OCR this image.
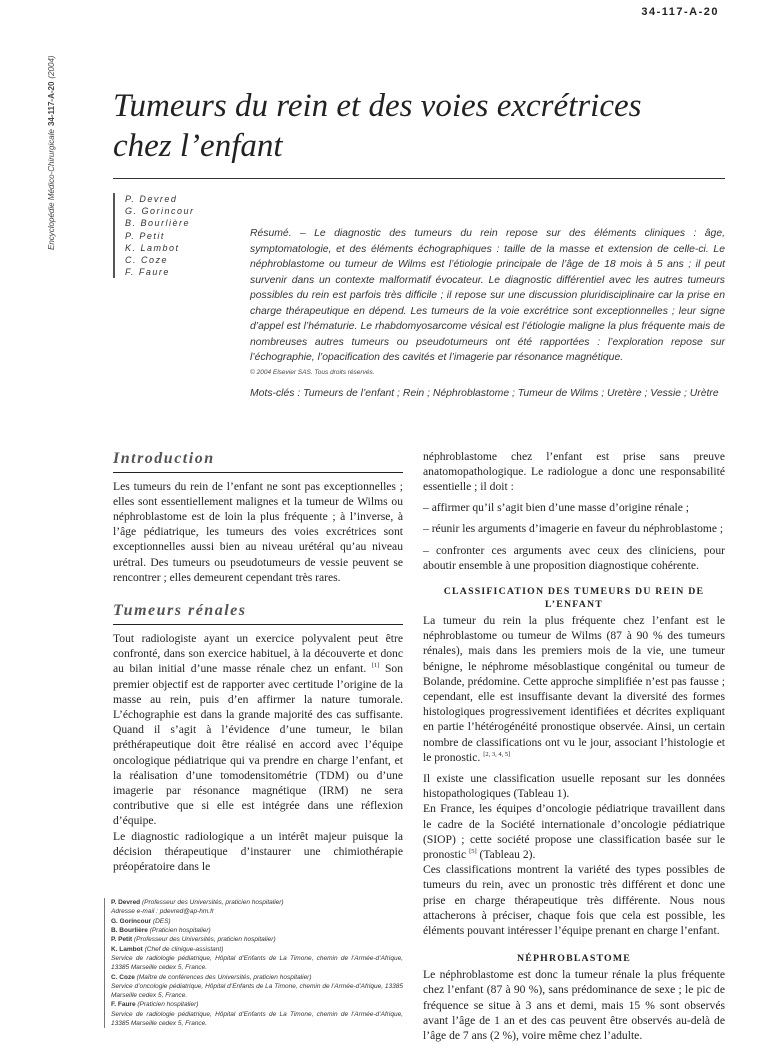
Encyclopédie Médico-Chirurgicale34-117-A-20(2004)
34-117-A-20
Tumeurs du rein et des voies excrétrices
chez l’enfant
P. Devred
G. Gorincour
B. Bourlière
P. Petit
K. Lambot
C. Coze
F. Faure
Résumé. – Le diagnostic des tumeurs du rein repose sur des éléments cliniques : âge, symptomatologie, et des éléments échographiques : taille de la masse et extension de celle-ci. Le néphroblastome ou tumeur de Wilms est l’étiologie principale de l’âge de 18 mois à 5 ans ; il peut survenir dans un contexte malformatif évocateur. Le diagnostic différentiel avec les autres tumeurs possibles du rein est parfois très difficile ; il repose sur une discussion pluridisciplinaire car la prise en charge thérapeutique en dépend. Les tumeurs de la voie excrétrice sont exceptionnelles ; leur signe d’appel est l’hématurie. Le rhabdomyosarcome vésical est l’étiologie maligne la plus fréquente mais de nombreuses autres tumeurs ou pseudotumeurs ont été rapportées : l’exploration repose sur l’échographie, l’opacification des cavités et l’imagerie par résonance magnétique.
© 2004 Elsevier SAS. Tous droits réservés.
Mots-clés : Tumeurs de l’enfant ; Rein ; Néphroblastome ; Tumeur de Wilms ; Uretère ; Vessie ; Urètre
Introduction

Les tumeurs du rein de l’enfant ne sont pas exceptionnelles ; elles sont essentiellement malignes et la tumeur de Wilms ou néphroblastome est de loin la plus fréquente ; à l’inverse, à l’âge pédiatrique, les tumeurs des voies excrétrices sont exceptionnelles aussi bien au niveau urétéral qu’au niveau urétral. Des tumeurs ou pseudotumeurs de vessie peuvent se rencontrer ; elles demeurent cependant très rares.

Tumeurs rénales

Tout radiologiste ayant un exercice polyvalent peut être confronté, dans son exercice habituel, à la découverte et donc au bilan initial d’une masse rénale chez un enfant. [1] Son premier objectif est de rapporter avec certitude l’origine de la masse au rein, puis d’en affirmer la nature tumorale. L’échographie est dans la grande majorité des cas suffisante. Quand il s’agit à l’évidence d’une tumeur, le bilan préthérapeutique doit être réalisé en accord avec l’équipe oncologique pédiatrique qui va prendre en charge l’enfant, et la réalisation d’une tomodensitométrie (TDM) ou d’une imagerie par résonance magnétique (IRM) ne sera contributive que si elle est intégrée dans une réflexion d’équipe.

Le diagnostic radiologique a un intérêt majeur puisque la décision thérapeutique d’instaurer une chimiothérapie préopératoire dans le

P. Devred (Professeur des Universités, praticien hospitalier)
Adresse e-mail : pdevred@ap-hm.fr
G. Gorincour (DES)
B. Bourlière (Praticien hospitalier)
P. Petit (Professeur des Universités, praticien hospitalier)
K. Lambot (Chef de clinique-assistant)
Service de radiologie pédiatrique, Hôpital d’Enfants de La Timone, chemin de l’Armée-d’Afrique, 13385 Marseille cedex 5, France.
C. Coze (Maître de conférences des Universités, praticien hospitalier)
Service d’oncologie pédiatrique, Hôpital d’Enfants de La Timone, chemin de l’Armée-d’Afrique, 13385 Marseille cedex 5, France.
F. Faure (Praticien hospitalier)
Service de radiologie pédiatrique, Hôpital d’Enfants de La Timone, chemin de l’Armée-d’Afrique, 13385 Marseille cedex 5, France.

néphroblastome chez l’enfant est prise sans preuve anatomopathologique. Le radiologue a donc une responsabilité essentielle ; il doit :

– affirmer qu’il s’agit bien d’une masse d’origine rénale ;

– réunir les arguments d’imagerie en faveur du néphroblastome ;

– confronter ces arguments avec ceux des cliniciens, pour aboutir ensemble à une proposition diagnostique cohérente.

CLASSIFICATION DES TUMEURS DU REIN DE L’ENFANT

La tumeur du rein la plus fréquente chez l’enfant est le néphroblastome ou tumeur de Wilms (87 à 90 % des tumeurs rénales), mais dans les premiers mois de la vie, une tumeur bénigne, le néphrome mésoblastique congénital ou tumeur de Bolande, prédomine. Cette approche simplifiée n’est pas fausse ; cependant, elle est insuffisante devant la diversité des formes histologiques progressivement identifiées et décrites expliquant en partie l’hétérogénéité pronostique observée. Ainsi, un certain nombre de classifications ont vu le jour, associant l’histologie et le pronostic. [2, 3, 4, 5]

Il existe une classification usuelle reposant sur les données histopathologiques (Tableau 1).

En France, les équipes d’oncologie pédiatrique travaillent dans le cadre de la Société internationale d’oncologie pédiatrique (SIOP) ; cette société propose une classification basée sur le pronostic [5] (Tableau 2).

Ces classifications montrent la variété des types possibles de tumeurs du rein, avec un pronostic très différent et donc une prise en charge thérapeutique très différente. Nous nous attacherons à préciser, chaque fois que cela est possible, les éléments pouvant intéresser l’équipe prenant en charge l’enfant.

NÉPHROBLASTOME

Le néphroblastome est donc la tumeur rénale la plus fréquente chez l’enfant (87 à 90 %), sans prédominance de sexe ; le pic de fréquence se situe à 3 ans et demi, mais 15 % sont observés avant l’âge de 1 an et des cas peuvent être observés au-delà de l’âge de 7 ans (2 %), voire même chez l’adulte.
